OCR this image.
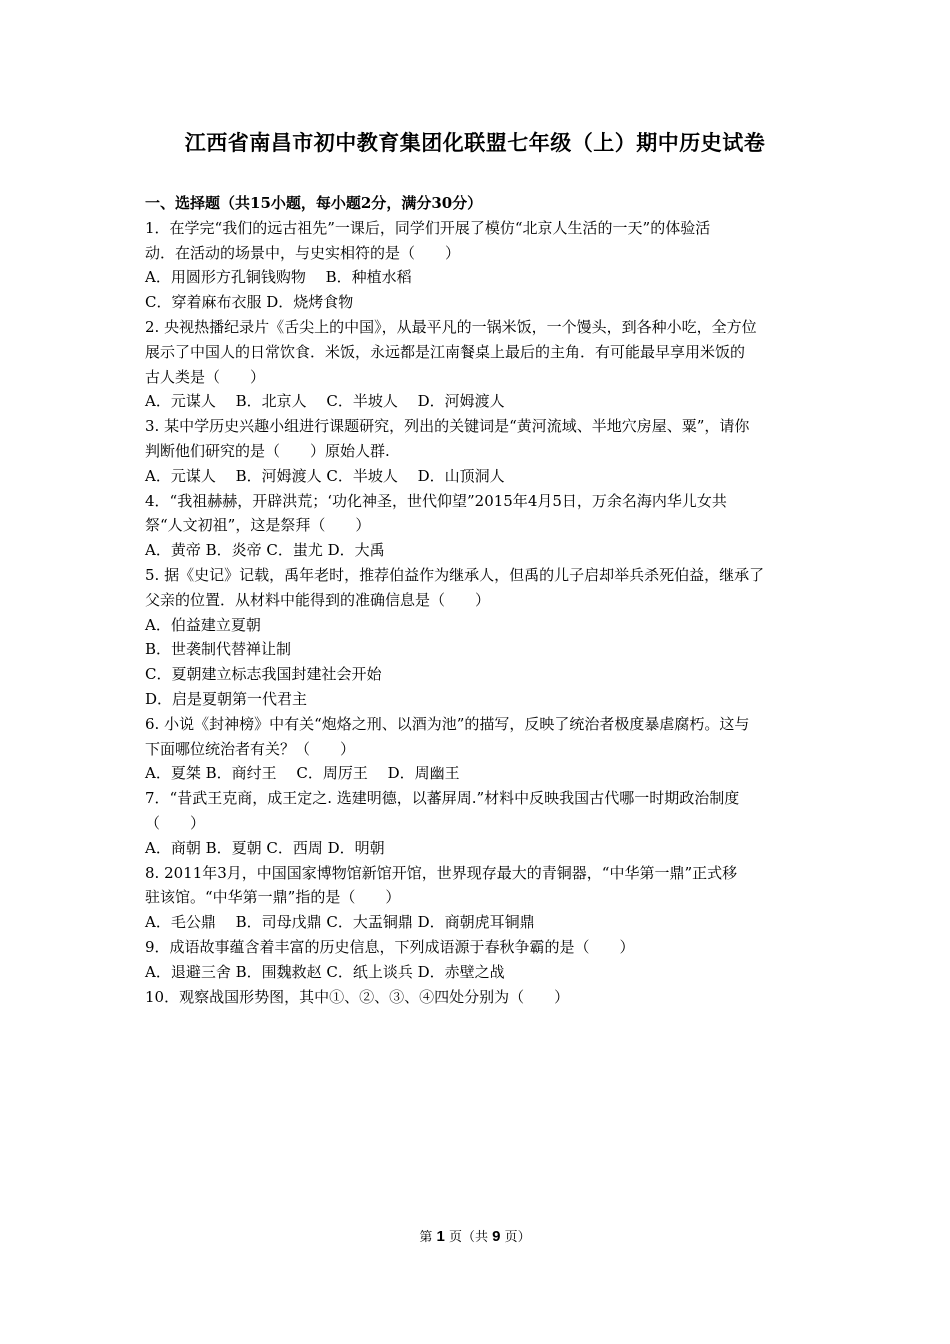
江西省南昌市初中教育集团化联盟七年级（上）期中历史试卷
一、选择题（共15小题，每小题2分，满分30分）
1．在学完“我们的远古祖先”一课后，同学们开展了模仿“北京人生活的一天”的体验活
动．在活动的场景中，与史实相符的是（　　）
A．用圆形方孔铜钱购物　 B．种植水稻
C．穿着麻布衣服 D．烧烤食物
2. 央视热播纪录片《舌尖上的中国》，从最平凡的一锅米饭，一个馒头，到各种小吃，全方位
展示了中国人的日常饮食．米饭，永远都是江南餐桌上最后的主角．有可能最早享用米饭的
古人类是（　　）
A．元谋人　 B．北京人　 C．半坡人　 D．河姆渡人
3. 某中学历史兴趣小组进行课题研究，列出的关键词是“黄河流域、半地穴房屋、粟”，请你
判断他们研究的是（　　）原始人群.
A．元谋人　 B．河姆渡人 C．半坡人　 D．山顶洞人
4．“我祖赫赫，开辟洪荒；‘功化神圣，世代仰望”2015年4月5日，万余名海内华儿女共
祭“人文初祖”，这是祭拜（　　）
A．黄帝 B．炎帝 C．蚩尤 D．大禹
5. 据《史记》记载，禹年老时，推荐伯益作为继承人，但禹的儿子启却举兵杀死伯益，继承了
父亲的位置．从材料中能得到的准确信息是（　　）
A．伯益建立夏朝
B．世袭制代替禅让制
C．夏朝建立标志我国封建社会开始
D．启是夏朝第一代君主
6. 小说《封神榜》中有关“炮烙之刑、以酒为池”的描写，反映了统治者极度暴虐腐朽。这与
下面哪位统治者有关？（　　）
A．夏桀 B．商纣王　 C．周厉王　 D．周幽王
7．“昔武王克商，成王定之. 选建明德，以蕃屏周.”材料中反映我国古代哪一时期政治制度
（　　）
A．商朝 B．夏朝 C．西周 D．明朝
8. 2011年3月，中国国家博物馆新馆开馆，世界现存最大的青铜器，“中华第一鼎”正式移
驻该馆。“中华第一鼎”指的是（　　）
A．毛公鼎　 B．司母戊鼎 C．大盂铜鼎 D．商朝虎耳铜鼎
9．成语故事蕴含着丰富的历史信息，下列成语源于春秋争霸的是（　　）
A．退避三舍 B．围魏救赵 C．纸上谈兵 D．赤壁之战
10．观察战国形势图，其中①、②、③、④四处分别为（　　）
第 1 页（共 9 页）
